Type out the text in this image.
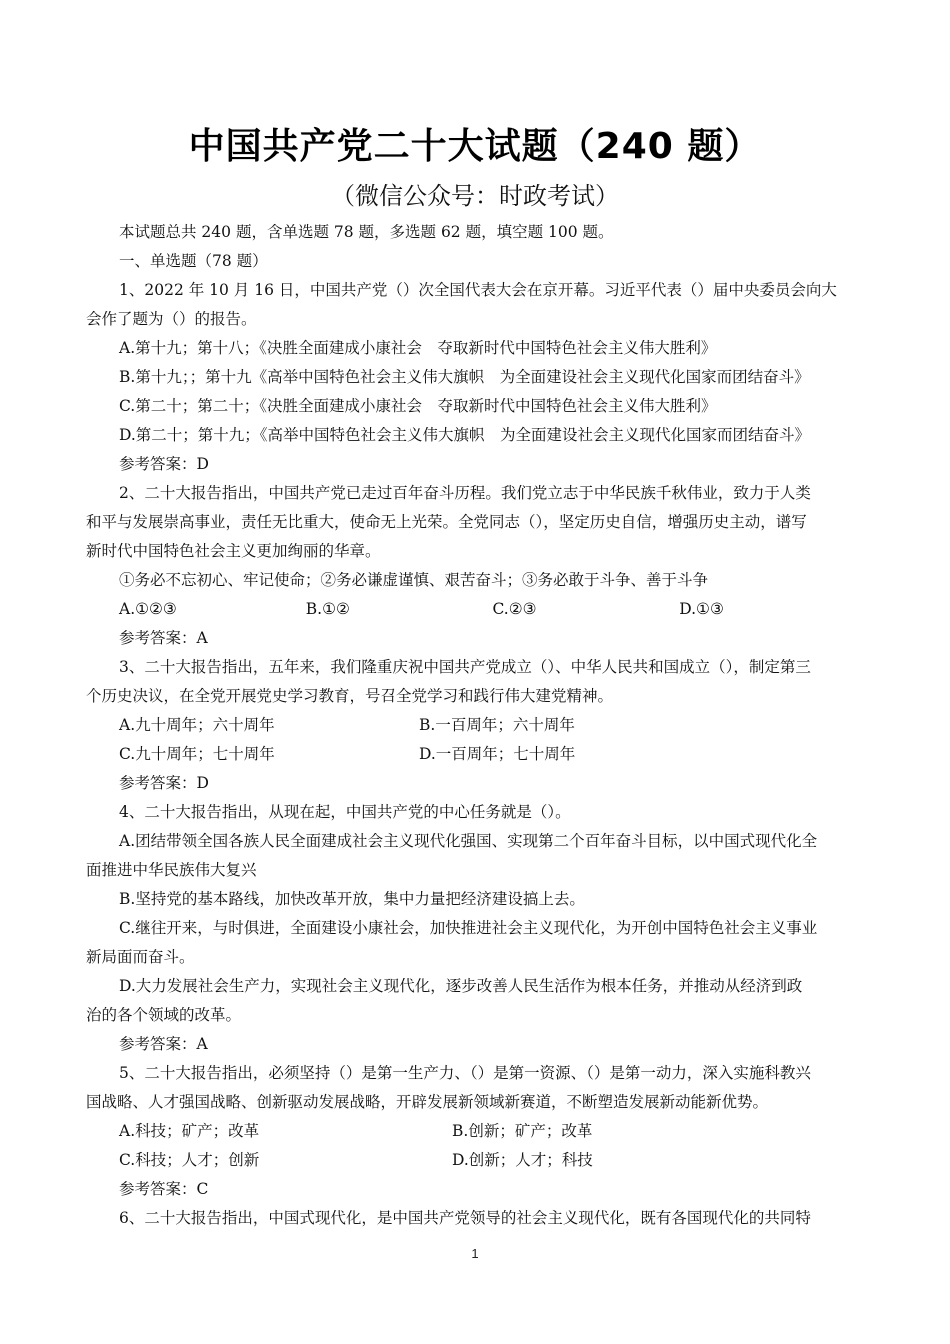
中国共产党二十大试题（240 题）
（微信公众号：时政考试）

本试题总共 240 题，含单选题 78 题，多选题 62 题，填空题 100 题。

一、单选题（78 题）

1、2022 年 10 月 16 日，中国共产党（）次全国代表大会在京开幕。习近平代表（）届中央委员会向大

会作了题为（）的报告。

A.第十九；第十八；《决胜全面建成小康社会　夺取新时代中国特色社会主义伟大胜利》

B.第十九；；第十九《高举中国特色社会主义伟大旗帜　为全面建设社会主义现代化国家而团结奋斗》

C.第二十；第二十；《决胜全面建成小康社会　夺取新时代中国特色社会主义伟大胜利》

D.第二十；第十九；《高举中国特色社会主义伟大旗帜　为全面建设社会主义现代化国家而团结奋斗》

参考答案：D

2、二十大报告指出，中国共产党已走过百年奋斗历程。我们党立志于中华民族千秋伟业，致力于人类

和平与发展崇高事业，责任无比重大，使命无上光荣。全党同志（），坚定历史自信，增强历史主动，谱写

新时代中国特色社会主义更加绚丽的华章。

①务必不忘初心、牢记使命；②务必谦虚谨慎、艰苦奋斗；③务必敢于斗争、善于斗争

A.①②③	B.①②	C.②③	D.①③

参考答案：A

3、二十大报告指出，五年来，我们隆重庆祝中国共产党成立（）、中华人民共和国成立（），制定第三

个历史决议，在全党开展党史学习教育，号召全党学习和践行伟大建党精神。

A.九十周年；六十周年	B.一百周年；六十周年
C.九十周年；七十周年	D.一百周年；七十周年

参考答案：D

4、二十大报告指出，从现在起，中国共产党的中心任务就是（）。

A.团结带领全国各族人民全面建成社会主义现代化强国、实现第二个百年奋斗目标，以中国式现代化全

面推进中华民族伟大复兴

B.坚持党的基本路线，加快改革开放，集中力量把经济建设搞上去。

C.继往开来，与时俱进，全面建设小康社会，加快推进社会主义现代化，为开创中国特色社会主义事业

新局面而奋斗。

D.大力发展社会生产力，实现社会主义现代化，逐步改善人民生活作为根本任务，并推动从经济到政

治的各个领域的改革。

参考答案：A

5、二十大报告指出，必须坚持（）是第一生产力、（）是第一资源、（）是第一动力，深入实施科教兴

国战略、人才强国战略、创新驱动发展战略，开辟发展新领域新赛道，不断塑造发展新动能新优势。

A.科技；矿产；改革	B.创新；矿产；改革
C.科技；人才；创新	D.创新；人才；科技

参考答案：C

6、二十大报告指出，中国式现代化，是中国共产党领导的社会主义现代化，既有各国现代化的共同特

1
